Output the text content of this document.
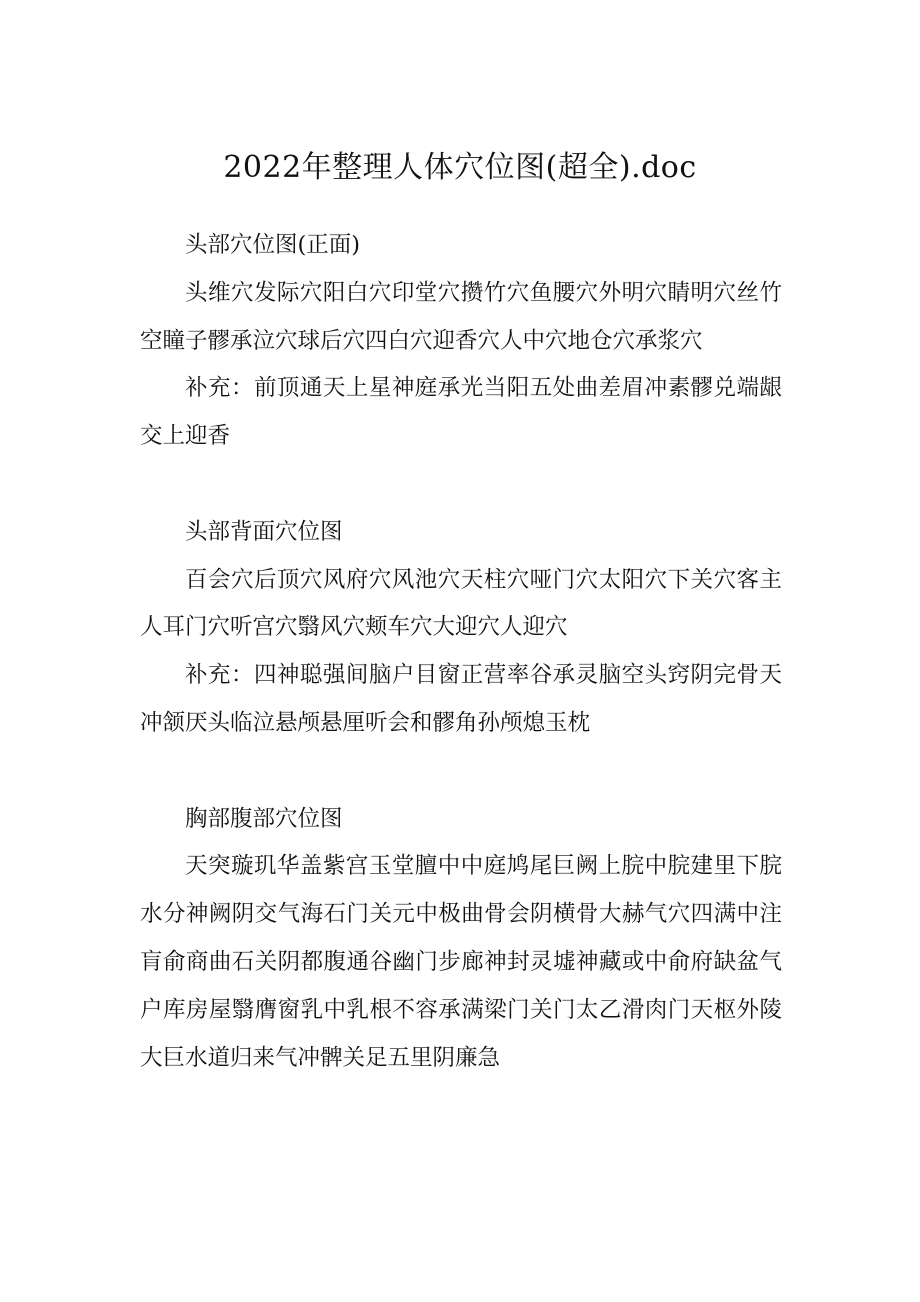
2022年整理人体穴位图(超全).doc

头部穴位图(正面)

头维穴发际穴阳白穴印堂穴攒竹穴鱼腰穴外明穴睛明穴丝竹空瞳子髎承泣穴球后穴四白穴迎香穴人中穴地仓穴承浆穴

补充：前顶通天上星神庭承光当阳五处曲差眉冲素髎兑端龈交上迎香

头部背面穴位图

百会穴后顶穴风府穴风池穴天柱穴哑门穴太阳穴下关穴客主人耳门穴听宫穴翳风穴颊车穴大迎穴人迎穴

补充：四神聪强间脑户目窗正营率谷承灵脑空头窍阴完骨天冲颔厌头临泣悬颅悬厘听会和髎角孙颅熄玉枕

胸部腹部穴位图

天突璇玑华盖紫宫玉堂膻中中庭鸠尾巨阙上脘中脘建里下脘水分神阙阴交气海石门关元中极曲骨会阴横骨大赫气穴四满中注肓俞商曲石关阴都腹通谷幽门步廊神封灵墟神藏或中俞府缺盆气户库房屋翳膺窗乳中乳根不容承满梁门关门太乙滑肉门天枢外陵大巨水道归来气冲髀关足五里阴廉急
